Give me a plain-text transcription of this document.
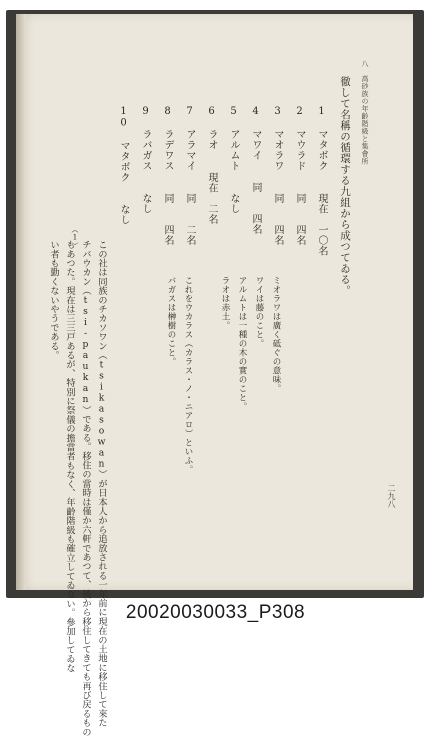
八　高砂族の年齡階級と集會所
徹して名稱の循環する九組から成つてゐる。
1 マタボク 現在　一〇名
2 マウラド 同　　四名
3 マオラワ 同　　四名
4 マワイ 同　　四名
5 アルムト なし
6 ラオ 現在　二名
7 アラマイ 同　　二名
8 ラデワス 同　　四名
9 ラバガス なし
10 マタボク なし
ミオラワは廣く砥ぐの意味。
ワイは藤のこと。
アルムトは一種の木の實のこと。
ラオは赤土。
これをウカラス（カラス・ノ・ニアロ）といふ。
バガスは榊樹のこと。
この社は同族のチカソワン（tsikasowan）が日本人から追放される一年前に現在の土地に移住して來た
チバウカン（tsi-paukan）である。移住の當時は僅か六軒であつて、後から移住してきても再び戻るもの
もあつた。現在は三三戸あるが、特別に祭儀の擔當者もなく、年齡階級も確立してゐない。參加してゐな
い者も勤くないやうである。
（1）
二九八
20020030033_P308
